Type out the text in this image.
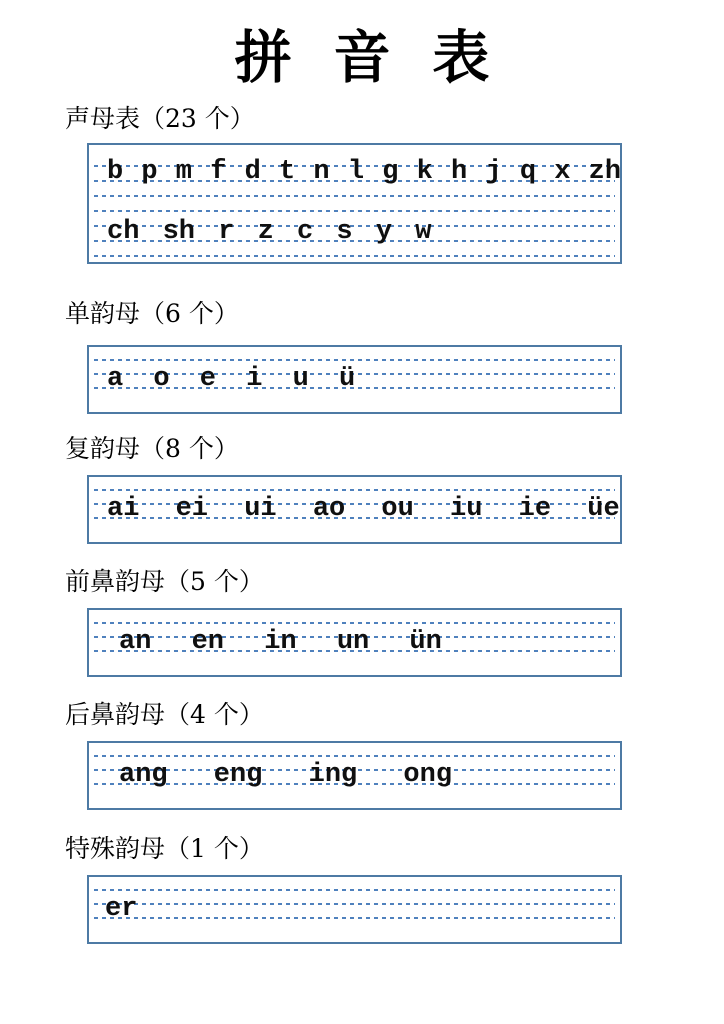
拼 音 表
声母表（23 个）
b p m f d t n l g k h j q x zh
ch sh r z c s y w
单韵母（6 个）
a o e i u ü
复韵母（8 个）
ai ei ui ao ou iu ie üe
前鼻韵母（5 个）
an en in un ün
后鼻韵母（4 个）
ang eng ing ong
特殊韵母（1 个）
er
